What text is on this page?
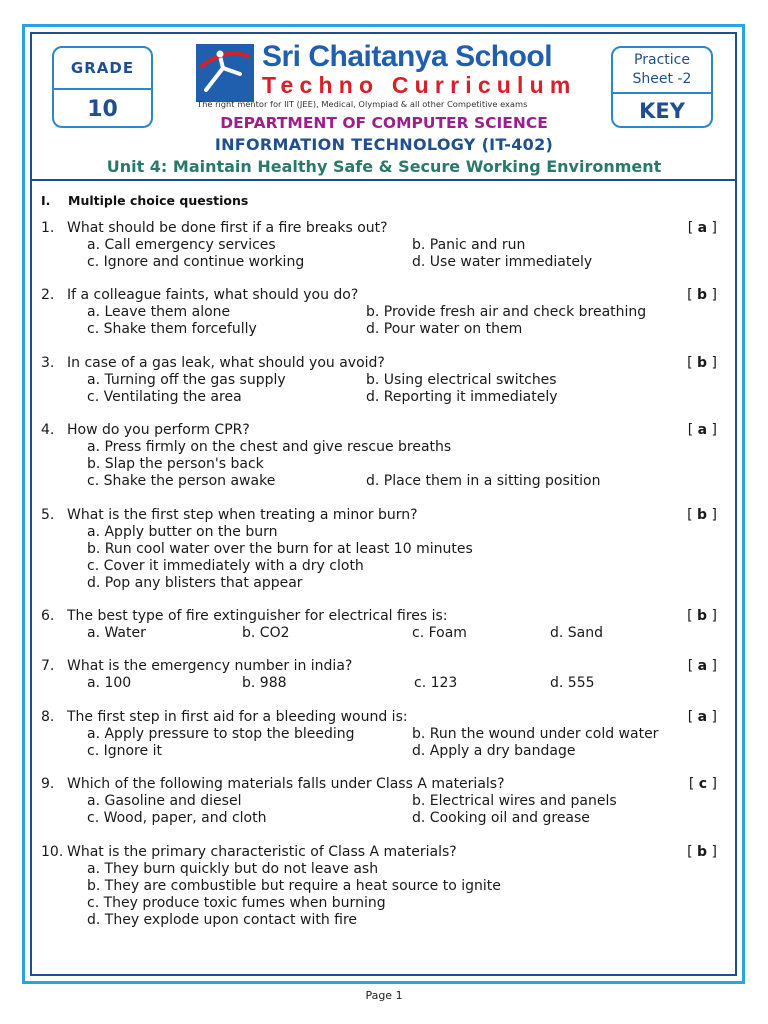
GRADE
10
Sri Chaitanya School
Techno Curriculum
The right mentor for IIT (JEE), Medical, Olympiad & all other Competitive exams
Practice
Sheet -2
KEY
DEPARTMENT OF COMPUTER SCIENCE
INFORMATION TECHNOLOGY (IT-402)
Unit 4: Maintain Healthy Safe & Secure Working Environment
I. Multiple choice questions
1. What should be done first if a fire breaks out?	[ a ]
a. Call emergency services	b. Panic and run
c. Ignore and continue working	d. Use water immediately
2. If a colleague faints, what should you do?	[ b ]
a. Leave them alone	b. Provide fresh air and check breathing
c. Shake them forcefully	d. Pour water on them
3. In case of a gas leak, what should you avoid?	[ b ]
a. Turning off the gas supply	b. Using electrical switches
c. Ventilating the area	d. Reporting it immediately
4. How do you perform CPR?	[ a ]
a. Press firmly on the chest and give rescue breaths
b. Slap the person's back
c. Shake the person awake	d. Place them in a sitting position
5. What is the first step when treating a minor burn?	[ b ]
a. Apply butter on the burn
b. Run cool water over the burn for at least 10 minutes
c. Cover it immediately with a dry cloth
d. Pop any blisters that appear
6. The best type of fire extinguisher for electrical fires is:	[ b ]
a. Water	b. CO2	c. Foam	d. Sand
7. What is the emergency number in india?	[ a ]
a. 100	b. 988	c. 123	d. 555
8. The first step in first aid for a bleeding wound is:	[ a ]
a. Apply pressure to stop the bleeding	b. Run the wound under cold water
c. Ignore it	d. Apply a dry bandage
9. Which of the following materials falls under Class A materials?	[ c ]
a. Gasoline and diesel	b. Electrical wires and panels
c. Wood, paper, and cloth	d. Cooking oil and grease
10. What is the primary characteristic of Class A materials?	[ b ]
a. They burn quickly but do not leave ash
b. They are combustible but require a heat source to ignite
c. They produce toxic fumes when burning
d. They explode upon contact with fire
Page 1
